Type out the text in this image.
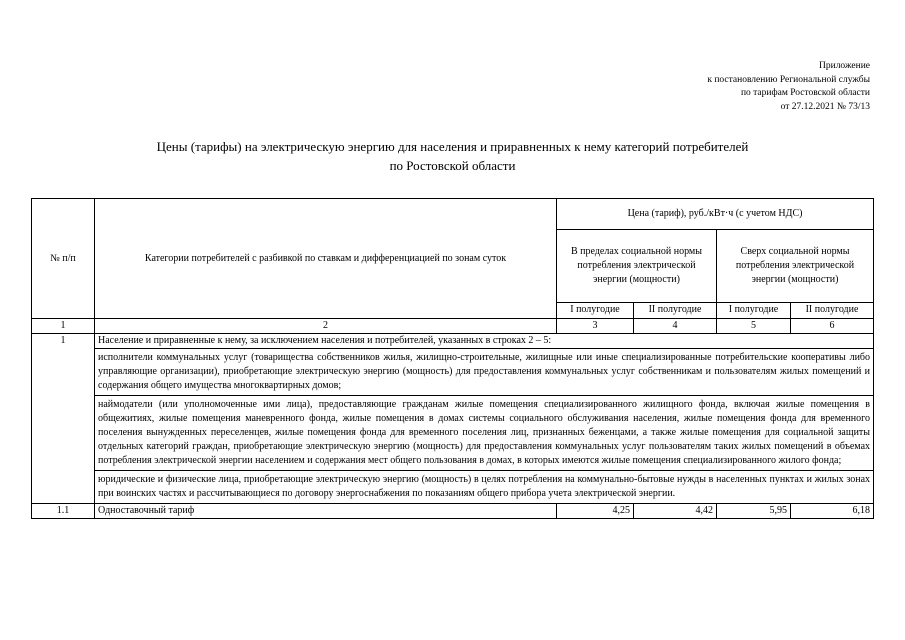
Приложение
к постановлению Региональной службы
по тарифам Ростовской области
от 27.12.2021 № 73/13
Цены (тарифы) на электрическую энергию для населения и приравненных к нему категорий потребителей
по Ростовской области
№ п/п	Категории потребителей с разбивкой по ставкам и дифференциацией по зонам суток	Цена (тариф), руб./кВт·ч (с учетом НДС)			
		В пределах социальной нормы потребления электрической энергии (мощности)		Сверх социальной нормы потребления электрической энергии (мощности)	
		I полугодие	II полугодие	I полугодие	II полугодие
1	2	3	4	5	6
1	Население и приравненные к нему, за исключением населения и потребителей, указанных в строках 2 – 5:				
	исполнители коммунальных услуг (товарищества собственников жилья, жилищно-строительные, жилищные или иные специализированные потребительские кооперативы либо управляющие организации), приобретающие электрическую энергию (мощность) для предоставления коммунальных услуг собственникам и пользователям жилых помещений и содержания общего имущества многоквартирных домов;				
	наймодатели (или уполномоченные ими лица), предоставляющие гражданам жилые помещения специализированного жилищного фонда, включая жилые помещения в общежитиях, жилые помещения маневренного фонда, жилые помещения в домах системы социального обслуживания населения, жилые помещения фонда для временного поселения вынужденных переселенцев, жилые помещения фонда для временного поселения лиц, признанных беженцами, а также жилые помещения для социальной защиты отдельных категорий граждан, приобретающие электрическую энергию (мощность) для предоставления коммунальных услуг пользователям таких жилых помещений в объемах потребления электрической энергии населением и содержания мест общего пользования в домах, в которых имеются жилые помещения специализированного жилого фонда;				
	юридические и физические лица, приобретающие электрическую энергию (мощность) в целях потребления на коммунально-бытовые нужды в населенных пунктах и жилых зонах при воинских частях и рассчитывающиеся по договору энергоснабжения по показаниям общего прибора учета электрической энергии.				
1.1	Одноставочный тариф	4,25	4,42	5,95	6,18
